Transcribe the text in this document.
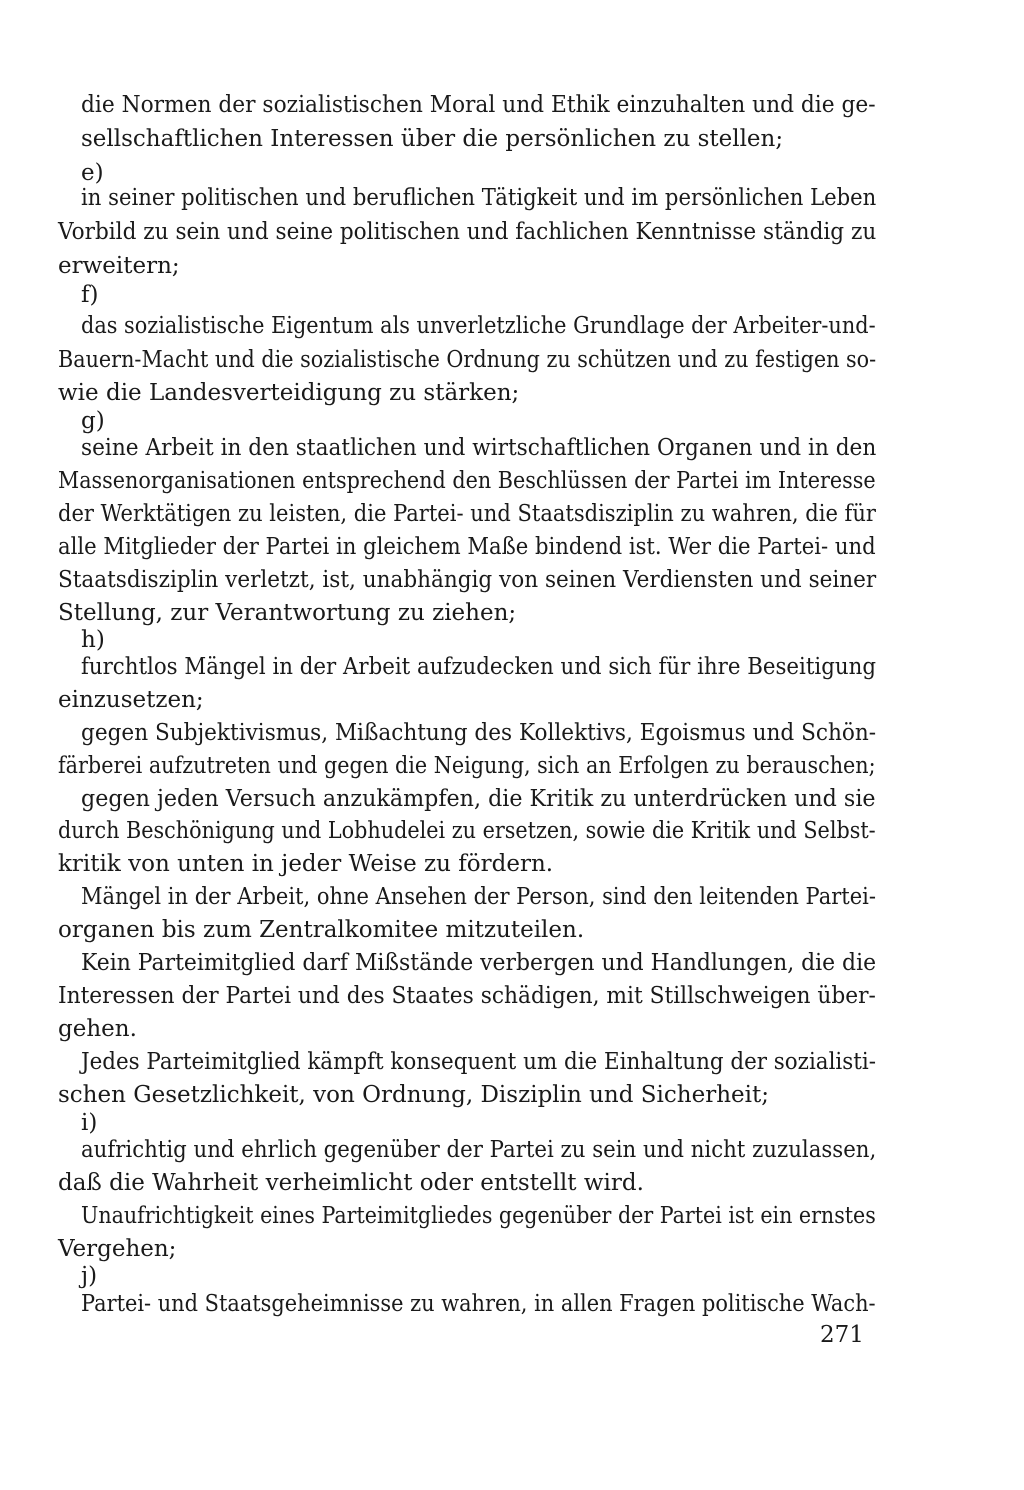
die Normen der sozialistischen Moral und Ethik einzuhalten und die ge-
sellschaftlichen Interessen über die persönlichen zu stellen;
e)
in seiner politischen und beruflichen Tätigkeit und im persönlichen Leben
Vorbild zu sein und seine politischen und fachlichen Kenntnisse ständig zu
erweitern;
f)
das sozialistische Eigentum als unverletzliche Grundlage der Arbeiter-und-
Bauern-Macht und die sozialistische Ordnung zu schützen und zu festigen so-
wie die Landesverteidigung zu stärken;
g)
seine Arbeit in den staatlichen und wirtschaftlichen Organen und in den
Massenorganisationen entsprechend den Beschlüssen der Partei im Interesse
der Werktätigen zu leisten, die Partei- und Staatsdisziplin zu wahren, die für
alle Mitglieder der Partei in gleichem Maße bindend ist. Wer die Partei- und
Staatsdisziplin verletzt, ist, unabhängig von seinen Verdiensten und seiner
Stellung, zur Verantwortung zu ziehen;
h)
furchtlos Mängel in der Arbeit aufzudecken und sich für ihre Beseitigung
einzusetzen;
gegen Subjektivismus, Mißachtung des Kollektivs, Egoismus und Schön-
färberei aufzutreten und gegen die Neigung, sich an Erfolgen zu berauschen;
gegen jeden Versuch anzukämpfen, die Kritik zu unterdrücken und sie
durch Beschönigung und Lobhudelei zu ersetzen, sowie die Kritik und Selbst-
kritik von unten in jeder Weise zu fördern.
Mängel in der Arbeit, ohne Ansehen der Person, sind den leitenden Partei-
organen bis zum Zentralkomitee mitzuteilen.
Kein Parteimitglied darf Mißstände verbergen und Handlungen, die die
Interessen der Partei und des Staates schädigen, mit Stillschweigen über-
gehen.
Jedes Parteimitglied kämpft konsequent um die Einhaltung der sozialisti-
schen Gesetzlichkeit, von Ordnung, Disziplin und Sicherheit;
i)
aufrichtig und ehrlich gegenüber der Partei zu sein und nicht zuzulassen,
daß die Wahrheit verheimlicht oder entstellt wird.
Unaufrichtigkeit eines Parteimitgliedes gegenüber der Partei ist ein ernstes
Vergehen;
j)
Partei- und Staatsgeheimnisse zu wahren, in allen Fragen politische Wach-
271
